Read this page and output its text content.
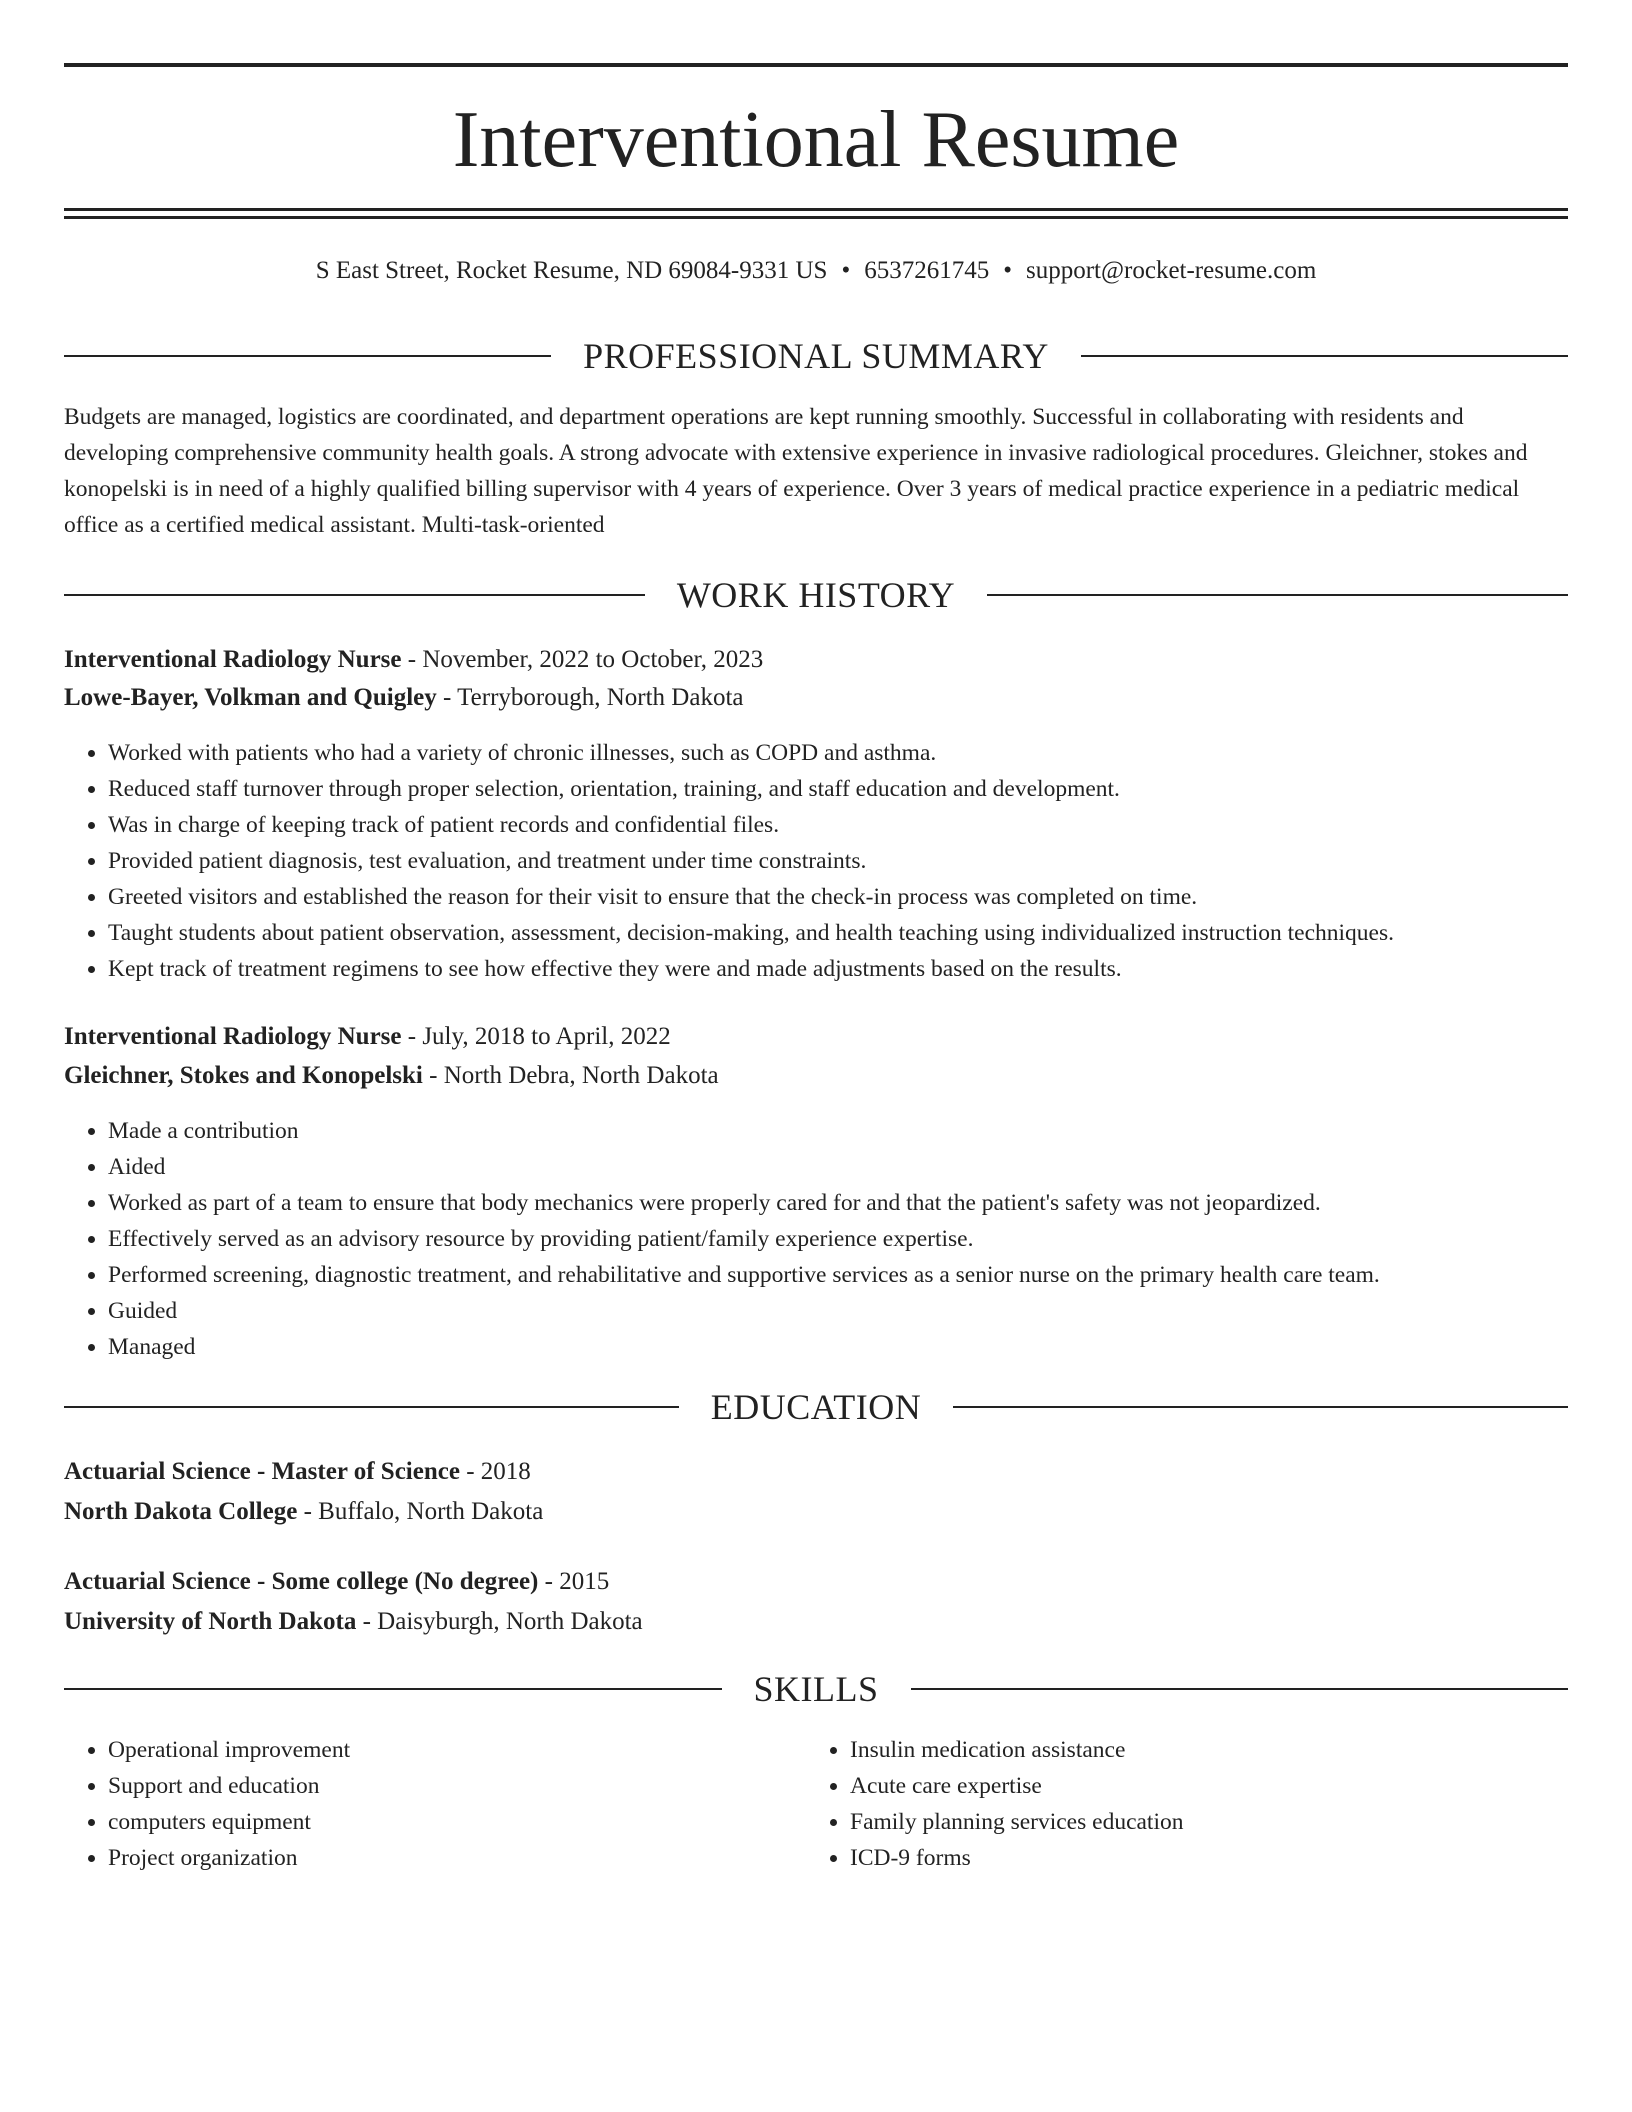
Interventional Resume
S East Street, Rocket Resume, ND 69084-9331 US • 6537261745 • support@rocket-resume.com
PROFESSIONAL SUMMARY

Budgets are managed, logistics are coordinated, and department operations are kept running smoothly. Successful in collaborating with residents and developing comprehensive community health goals. A strong advocate with extensive experience in invasive radiological procedures. Gleichner, stokes and konopelski is in need of a highly qualified billing supervisor with 4 years of experience. Over 3 years of medical practice experience in a pediatric medical office as a certified medical assistant. Multi-task-oriented

WORK HISTORY
Interventional Radiology Nurse - November, 2022 to October, 2023
Lowe-Bayer, Volkman and Quigley - Terryborough, North Dakota
• Worked with patients who had a variety of chronic illnesses, such as COPD and asthma.
• Reduced staff turnover through proper selection, orientation, training, and staff education and development.
• Was in charge of keeping track of patient records and confidential files.
• Provided patient diagnosis, test evaluation, and treatment under time constraints.
• Greeted visitors and established the reason for their visit to ensure that the check-in process was completed on time.
• Taught students about patient observation, assessment, decision-making, and health teaching using individualized instruction techniques.
• Kept track of treatment regimens to see how effective they were and made adjustments based on the results.
Interventional Radiology Nurse - July, 2018 to April, 2022
Gleichner, Stokes and Konopelski - North Debra, North Dakota
• Made a contribution
• Aided
• Worked as part of a team to ensure that body mechanics were properly cared for and that the patient's safety was not jeopardized.
• Effectively served as an advisory resource by providing patient/family experience expertise.
• Performed screening, diagnostic treatment, and rehabilitative and supportive services as a senior nurse on the primary health care team.
• Guided
• Managed
EDUCATION
Actuarial Science - Master of Science - 2018
North Dakota College - Buffalo, North Dakota
Actuarial Science - Some college (No degree) - 2015
University of North Dakota - Daisyburgh, North Dakota
SKILLS
• Operational improvement
• Support and education
• computers equipment
• Project organization
• Insulin medication assistance
• Acute care expertise
• Family planning services education
• ICD-9 forms
